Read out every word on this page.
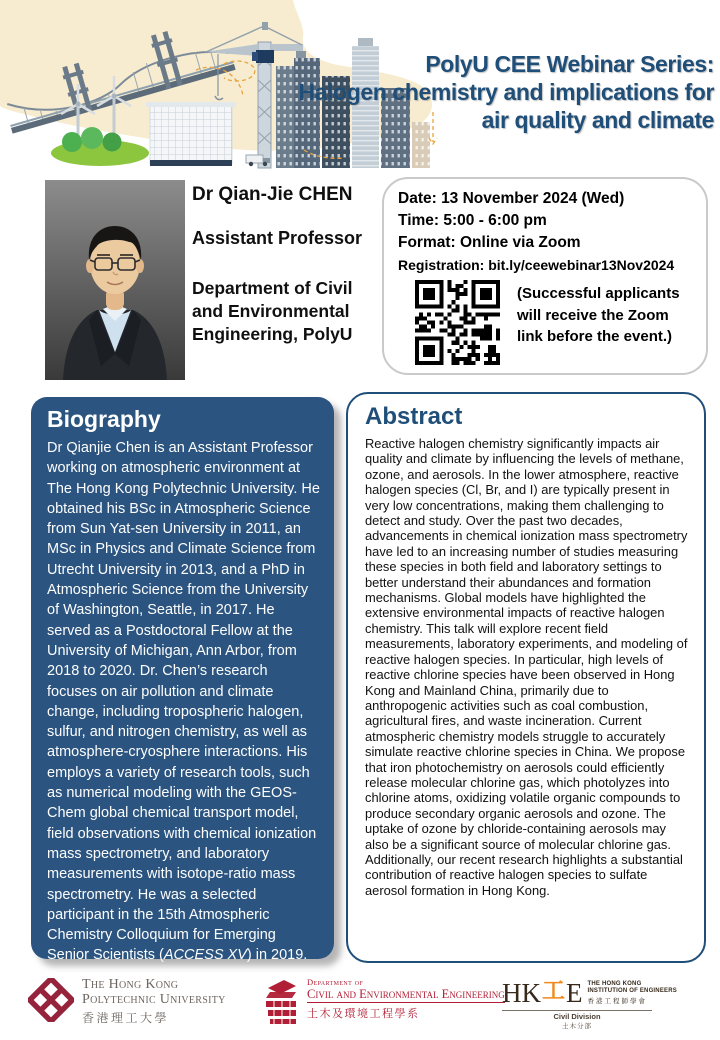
PolyU CEE Webinar Series:
Halogen chemistry and implications for
air quality and climate

Dr Qian-Jie CHEN

Assistant Professor

Department of Civil and Environmental Engineering, PolyU

Date: 13 November 2024 (Wed)
Time: 5:00 - 6:00 pm
Format: Online via Zoom
Registration: bit.ly/ceewebinar13Nov2024
(Successful applicants will receive the Zoom link before the event.)
Biography
Dr Qianjie Chen is an Assistant Professor working on atmospheric environment at The Hong Kong Polytechnic University. He obtained his BSc in Atmospheric Science from Sun Yat-sen University in 2011, an MSc in Physics and Climate Science from Utrecht University in 2013, and a PhD in Atmospheric Science from the University of Washington, Seattle, in 2017. He served as a Postdoctoral Fellow at the University of Michigan, Ann Arbor, from 2018 to 2020. Dr. Chen’s research focuses on air pollution and climate change, including tropospheric halogen, sulfur, and nitrogen chemistry, as well as atmosphere-cryosphere interactions. His employs a variety of research tools, such as numerical modeling with the GEOS-Chem global chemical transport model, field observations with chemical ionization mass spectrometry, and laboratory measurements with isotope-ratio mass spectrometry. He was a selected participant in the 15th Atmospheric Chemistry Colloquium for Emerging Senior Scientists (ACCESS XV) in 2019.
Abstract
Reactive halogen chemistry significantly impacts air quality and climate by influencing the levels of methane, ozone, and aerosols. In the lower atmosphere, reactive halogen species (Cl, Br, and I) are typically present in very low concentrations, making them challenging to detect and study. Over the past two decades, advancements in chemical ionization mass spectrometry have led to an increasing number of studies measuring these species in both field and laboratory settings to better understand their abundances and formation mechanisms. Global models have highlighted the extensive environmental impacts of reactive halogen chemistry. This talk will explore recent field measurements, laboratory experiments, and modeling of reactive halogen species. In particular, high levels of reactive chlorine species have been observed in Hong Kong and Mainland China, primarily due to anthropogenic activities such as coal combustion, agricultural fires, and waste incineration. Current atmospheric chemistry models struggle to accurately simulate reactive chlorine species in China. We propose that iron photochemistry on aerosols could efficiently release molecular chlorine gas, which photolyzes into chlorine atoms, oxidizing volatile organic compounds to produce secondary organic aerosols and ozone. The uptake of ozone by chloride-containing aerosols may also be a significant source of molecular chlorine gas. Additionally, our recent research highlights a substantial contribution of reactive halogen species to sulfate aerosol formation in Hong Kong.
The Hong Kong
Polytechnic University
香港理工大學
Department of
Civil and Environmental Engineering
土木及環境工程學系
HK 工 E THE HONG KONG
INSTITUTION OF ENGINEERS
香港工程師學會
Civil Division
土木分部
